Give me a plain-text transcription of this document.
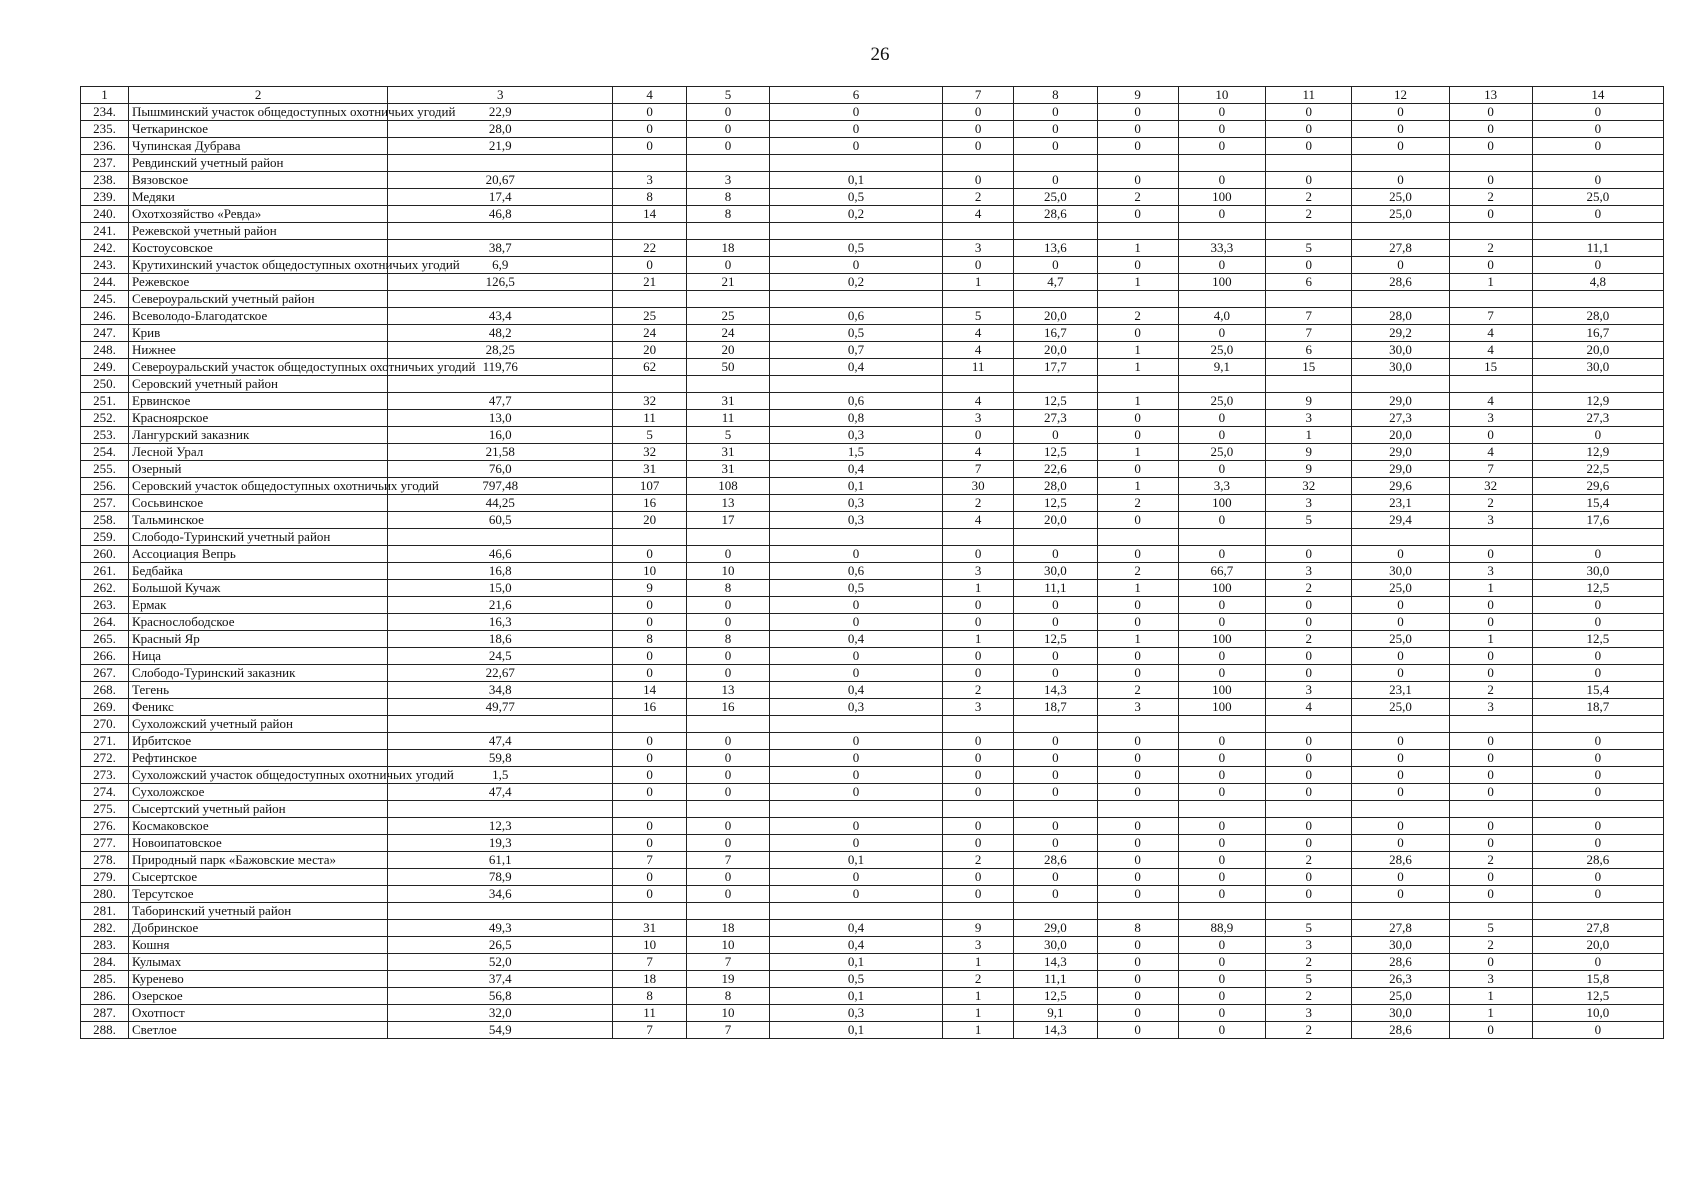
26
1	2	3	4	5	6	7	8	9	10	11	12	13	14
234.	Пышминский участок общедоступных охотничьих угодий	22,9	0	0	0	0	0	0	0	0	0	0	0
235.	Четкаринское	28,0	0	0	0	0	0	0	0	0	0	0	0
236.	Чупинская Дубрава	21,9	0	0	0	0	0	0	0	0	0	0	0
237.	Ревдинский учетный район												
238.	Вязовское	20,67	3	3	0,1	0	0	0	0	0	0	0	0
239.	Медяки	17,4	8	8	0,5	2	25,0	2	100	2	25,0	2	25,0
240.	Охотхозяйство «Ревда»	46,8	14	8	0,2	4	28,6	0	0	2	25,0	0	0
241.	Режевской учетный район												
242.	Костоусовское	38,7	22	18	0,5	3	13,6	1	33,3	5	27,8	2	11,1
243.	Крутихинский участок общедоступных охотничьих угодий	6,9	0	0	0	0	0	0	0	0	0	0	0
244.	Режевское	126,5	21	21	0,2	1	4,7	1	100	6	28,6	1	4,8
245.	Североуральский учетный район												
246.	Всеволодо-Благодатское	43,4	25	25	0,6	5	20,0	2	4,0	7	28,0	7	28,0
247.	Крив	48,2	24	24	0,5	4	16,7	0	0	7	29,2	4	16,7
248.	Нижнее	28,25	20	20	0,7	4	20,0	1	25,0	6	30,0	4	20,0
249.	Североуральский участок общедоступных охотничьих угодий	119,76	62	50	0,4	11	17,7	1	9,1	15	30,0	15	30,0
250.	Серовский учетный район												
251.	Ервинское	47,7	32	31	0,6	4	12,5	1	25,0	9	29,0	4	12,9
252.	Красноярское	13,0	11	11	0,8	3	27,3	0	0	3	27,3	3	27,3
253.	Лангурский заказник	16,0	5	5	0,3	0	0	0	0	1	20,0	0	0
254.	Лесной Урал	21,58	32	31	1,5	4	12,5	1	25,0	9	29,0	4	12,9
255.	Озерный	76,0	31	31	0,4	7	22,6	0	0	9	29,0	7	22,5
256.	Серовский участок общедоступных охотничьих угодий	797,48	107	108	0,1	30	28,0	1	3,3	32	29,6	32	29,6
257.	Сосьвинское	44,25	16	13	0,3	2	12,5	2	100	3	23,1	2	15,4
258.	Тальминское	60,5	20	17	0,3	4	20,0	0	0	5	29,4	3	17,6
259.	Слободо-Туринский учетный район												
260.	Ассоциация Вепрь	46,6	0	0	0	0	0	0	0	0	0	0	0
261.	Бедбайка	16,8	10	10	0,6	3	30,0	2	66,7	3	30,0	3	30,0
262.	Большой Кучаж	15,0	9	8	0,5	1	11,1	1	100	2	25,0	1	12,5
263.	Ермак	21,6	0	0	0	0	0	0	0	0	0	0	0
264.	Краснослободское	16,3	0	0	0	0	0	0	0	0	0	0	0
265.	Красный Яр	18,6	8	8	0,4	1	12,5	1	100	2	25,0	1	12,5
266.	Ница	24,5	0	0	0	0	0	0	0	0	0	0	0
267.	Слободо-Туринский заказник	22,67	0	0	0	0	0	0	0	0	0	0	0
268.	Тегень	34,8	14	13	0,4	2	14,3	2	100	3	23,1	2	15,4
269.	Феникс	49,77	16	16	0,3	3	18,7	3	100	4	25,0	3	18,7
270.	Сухоложский учетный район												
271.	Ирбитское	47,4	0	0	0	0	0	0	0	0	0	0	0
272.	Рефтинское	59,8	0	0	0	0	0	0	0	0	0	0	0
273.	Сухоложский участок общедоступных охотничьих угодий	1,5	0	0	0	0	0	0	0	0	0	0	0
274.	Сухоложское	47,4	0	0	0	0	0	0	0	0	0	0	0
275.	Сысертский учетный район												
276.	Космаковское	12,3	0	0	0	0	0	0	0	0	0	0	0
277.	Новоипатовское	19,3	0	0	0	0	0	0	0	0	0	0	0
278.	Природный парк «Бажовские места»	61,1	7	7	0,1	2	28,6	0	0	2	28,6	2	28,6
279.	Сысертское	78,9	0	0	0	0	0	0	0	0	0	0	0
280.	Терсутское	34,6	0	0	0	0	0	0	0	0	0	0	0
281.	Таборинский учетный район												
282.	Добринское	49,3	31	18	0,4	9	29,0	8	88,9	5	27,8	5	27,8
283.	Кошня	26,5	10	10	0,4	3	30,0	0	0	3	30,0	2	20,0
284.	Кулымах	52,0	7	7	0,1	1	14,3	0	0	2	28,6	0	0
285.	Куренево	37,4	18	19	0,5	2	11,1	0	0	5	26,3	3	15,8
286.	Озерское	56,8	8	8	0,1	1	12,5	0	0	2	25,0	1	12,5
287.	Охотпост	32,0	11	10	0,3	1	9,1	0	0	3	30,0	1	10,0
288.	Светлое	54,9	7	7	0,1	1	14,3	0	0	2	28,6	0	0
